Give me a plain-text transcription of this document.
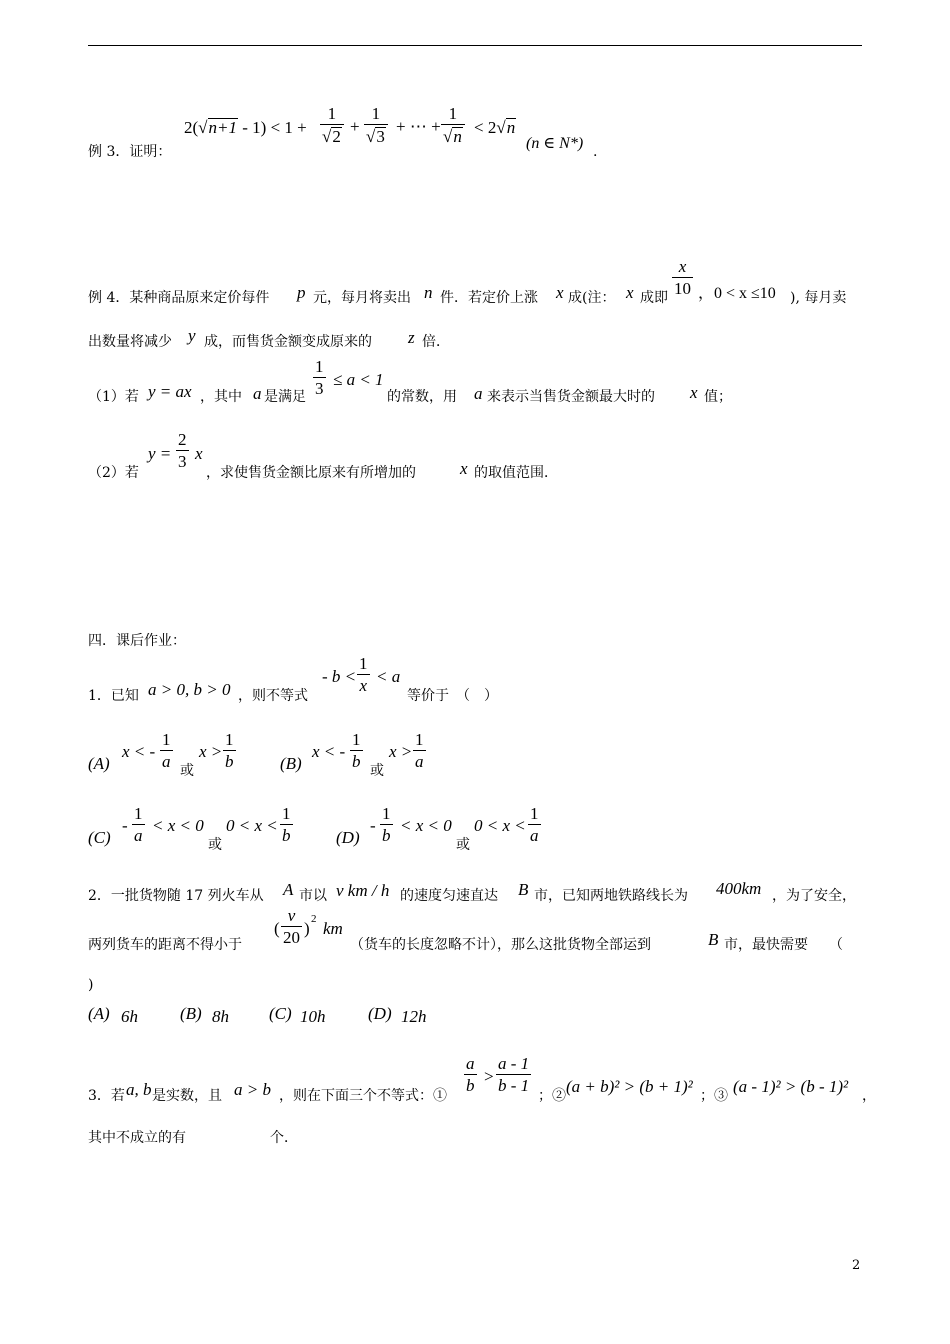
例 3．证明：
$2(√n+1 - 1) < 1 + \frac{1}{√2} + \frac{1}{√3}$ + ⋯ + $\frac{1}{√n} < 2√n$
(n ∈ N*) .
例 4．某种商品原来定价每件 p 元，每月将卖出 n 件．若定价上涨 x 成(注： x 成即
$\frac{x}{10}$ ，0 < x ≤10 ), 每月卖
出数量将减少 y 成，而售货金额变成原来的 z 倍．
（1）若 y = ax ，其中 a 是满足 $\frac{1}{3} \le a < 1$
的常数，用 a 来表示当售货金额最大时的 x 值；
（2）若
$y = \frac{2}{3}$ x
，求使售货金额比原来有所增加的	x 的取值范围．
四．课后作业：
1．已知 a > 0, b > 0 ，则不等式
- $b < \frac{1}{x} < a$
等价于　（　）
(A)
x < - $\frac{1}{a}$
或
$x > \frac{1}{b}$	(B)
x < - $\frac{1}{b}$
或
$x > \frac{1}{a}$
(C)
- $\frac{1}{a} < x < 0$
或
$0 < x < \frac{1}{b}$	(D)
- $\frac{1}{b} < x < 0$
或
$0 < x < \frac{1}{a}$
2．一批货物随 17 列火车从 A 市以 v km / h 的速度匀速直达 B 市，已知两地铁路线长为 400km ，为了安全，
两列货车的距离不得小于
( $\frac{v}{20}$ ) 2 km
（货车的长度忽略不计），那么这批货物全部运到	B 市，最快需要　　（
)
(A) 6h (B) 8h (C) 10h	(D) 12h
3．若 a, b 是实数，且 a > b ，则在下面三个不等式：①
$\frac{a}{b} > \frac{a - 1}{b - 1}$
；② (a + b)² > (b + 1)² ；③ (a - 1)² > (b - 1)² ，
其中不成立的有　　　　　　个．
2
